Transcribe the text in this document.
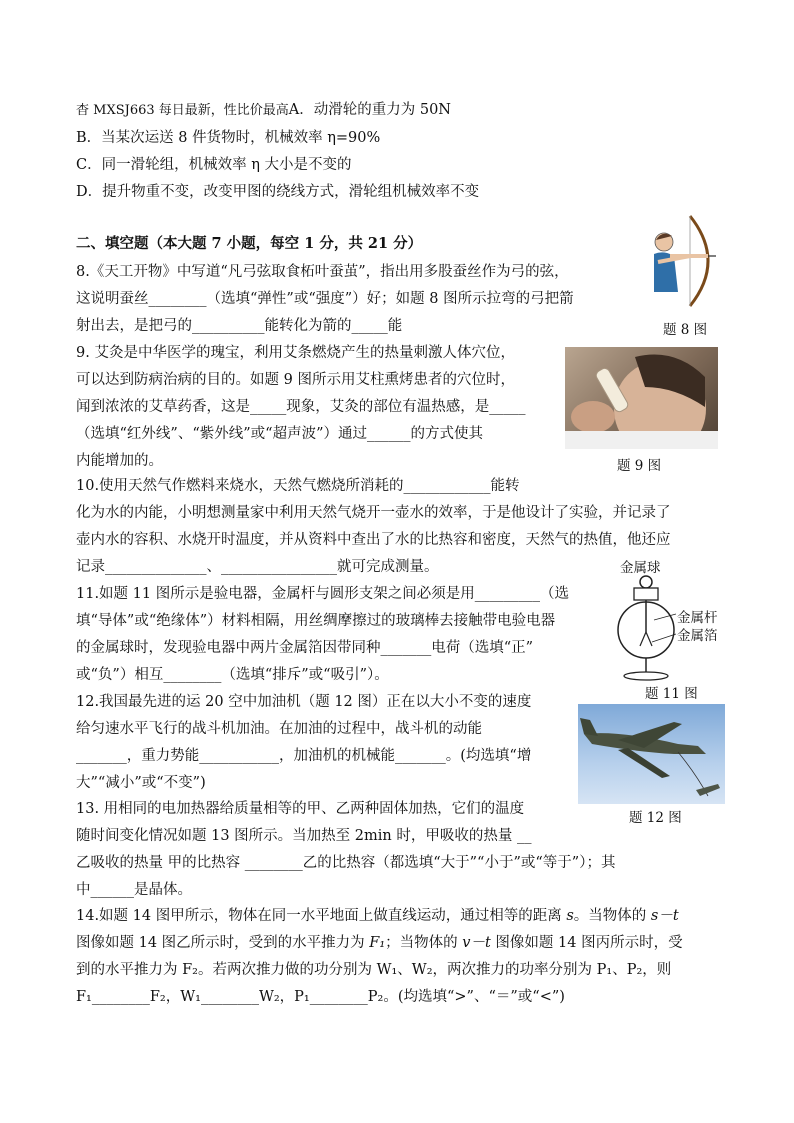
杳 MXSJ663 每日最新，性比价最高A．动滑轮的重力为 50N
B．当某次运送 8 件货物时，机械效率 η=90%
C．同一滑轮组，机械效率 η 大小是不变的
D．提升物重不变，改变甲图的绕线方式，滑轮组机械效率不变
二、填空题（本大题 7 小题，每空 1 分，共 21 分）
8.《天工开物》中写道“凡弓弦取食柘叶蚕茧”，指出用多股蚕丝作为弓的弦，
这说明蚕丝________（选填“弹性”或“强度”）好；如题 8 图所示拉弯的弓把箭
射出去，是把弓的__________能转化为箭的_____能	题 8 图
9. 艾灸是中华医学的瑰宝，利用艾条燃烧产生的热量刺激人体穴位，
可以达到防病治病的目的。如题 9 图所示用艾柱熏烤患者的穴位时，
闻到浓浓的艾草药香，这是_____现象，艾灸的部位有温热感，是_____
（选填“红外线”、“紫外线”或“超声波”）通过______的方式使其
内能增加的。	题 9 图
10.使用天然气作燃料来烧水，天然气燃烧所消耗的____________能转
化为水的内能，小明想测量家中利用天然气烧开一壶水的效率，于是他设计了实验，并记录了
壶内水的容积、水烧开时温度，并从资料中查出了水的比热容和密度，天然气的热值，他还应
记录______________、________________就可完成测量。
11.如题 11 图所示是验电器，金属杆与圆形支架之间必须是用_________（选
填“导体”或“绝缘体”）材料相隔，用丝绸摩擦过的玻璃棒去接触带电验电器
的金属球时，发现验电器中两片金属箔因带同种_______电荷（选填“正”
或“负”）相互________（选填“排斥”或“吸引”）。
金属球
金属杆
金属箔
题 11 图
12.我国最先进的运 20 空中加油机（题 12 图）正在以大小不变的速度
给匀速水平飞行的战斗机加油。在加油的过程中，战斗机的动能
_______，重力势能___________，加油机的机械能_______。(均选填“增
大”“减小”或“不变”)
题 12 图
13. 用相同的电加热器给质量相等的甲、乙两种固体加热，它们的温度
随时间变化情况如题 13 图所示。当加热至 2min 时，甲吸收的热量 __
乙吸收的热量 甲的比热容 ________乙的比热容（都选填“大于”“小于”或“等于”）；其
中______是晶体。
14.如题 14 图甲所示，物体在同一水平地面上做直线运动，通过相等的距离 s。当物体的 s－t
图像如题 14 图乙所示时，受到的水平推力为 F₁；当物体的 v－t 图像如题 14 图丙所示时，受
到的水平推力为 F₂。若两次推力做的功分别为 W₁、W₂，两次推力的功率分别为 P₁、P₂，则
F₁________F₂，W₁________W₂，P₁________P₂。(均选填“>”、“＝”或“<”)
